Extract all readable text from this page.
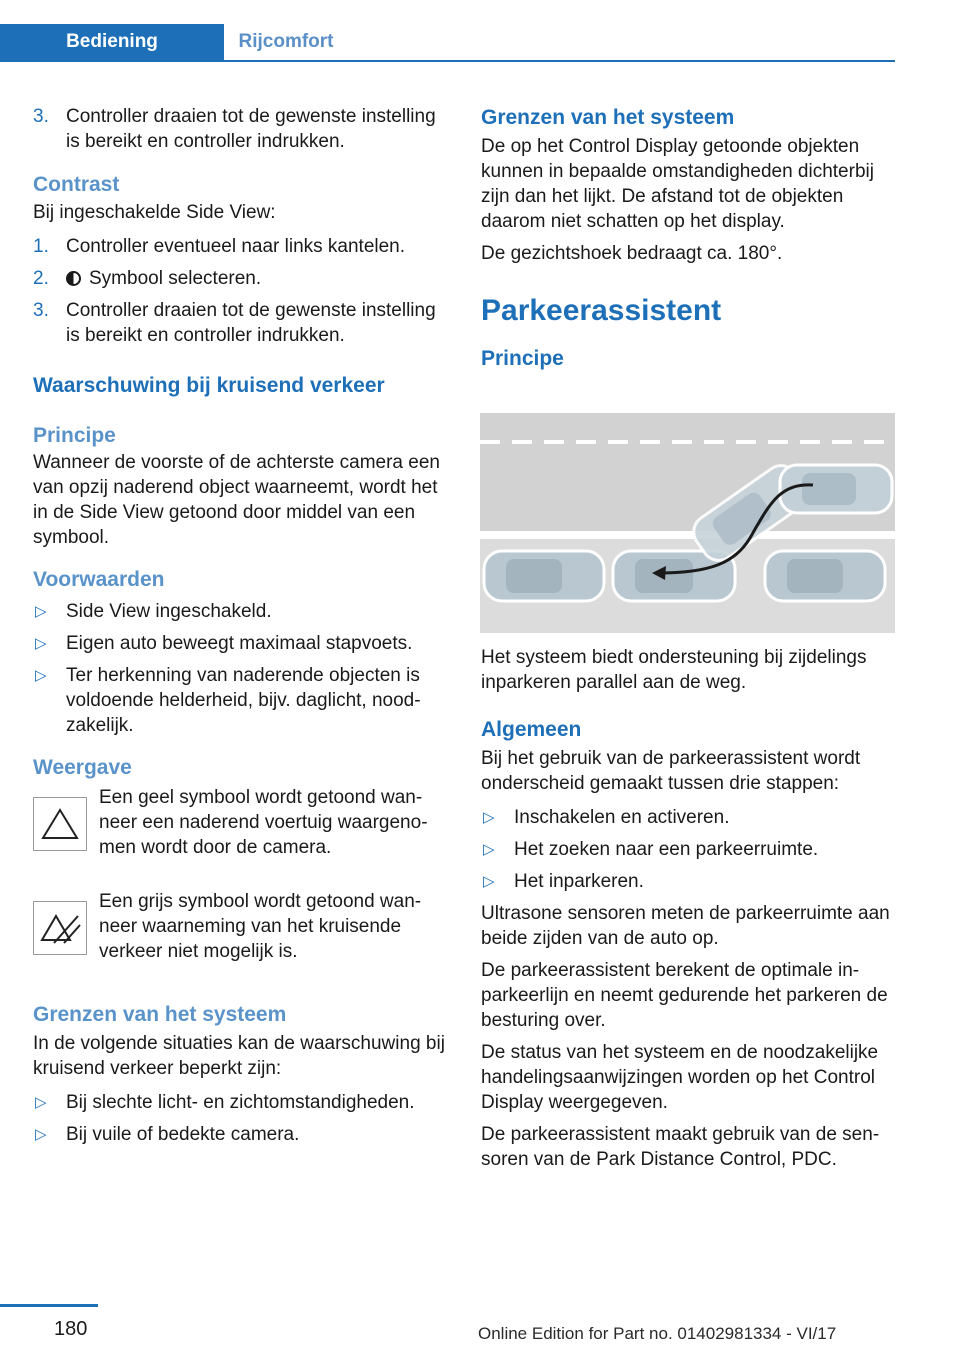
Bediening	Rijcomfort
3. Controller draaien tot de gewenste instelling is bereikt en controller indrukken.
Contrast

Bij ingeschakelde Side View:

1. Controller eventueel naar links kantelen.
2. Symbool selecteren.
3. Controller draaien tot de gewenste instelling is bereikt en controller indrukken.
Waarschuwing bij kruisend verkeer
Principe

Wanneer de voorste of de achterste camera een van opzij naderend object waarneemt, wordt het in de Side View getoond door middel van een symbool.

Voorwaarden
▷ Side View ingeschakeld.
▷ Eigen auto beweegt maximaal stapvoets.
▷ Ter herkenning van naderende objecten is voldoende helderheid, bijv. daglicht, noodzakelijk.
Weergave
Een geel symbool wordt getoond wanneer een naderend voertuig waargenomen wordt door de camera.
Een grijs symbool wordt getoond wanneer waarneming van het kruisende verkeer niet mogelijk is.
Grenzen van het systeem

In de volgende situaties kan de waarschuwing bij kruisend verkeer beperkt zijn:

▷ Bij slechte licht- en zichtomstandigheden.
▷ Bij vuile of bedekte camera.
Grenzen van het systeem

De op het Control Display getoonde objekten kunnen in bepaalde omstandigheden dichterbij zijn dan het lijkt. De afstand tot de objekten daarom niet schatten op het display.

De gezichtshoek bedraagt ca. 180°.

Parkeerassistent
Principe

Het systeem biedt ondersteuning bij zijdelings inparkeren parallel aan de weg.

Algemeen

Bij het gebruik van de parkeerassistent wordt onderscheid gemaakt tussen drie stappen:

▷ Inschakelen en activeren.
▷ Het zoeken naar een parkeerruimte.
▷ Het inparkeren.

Ultrasone sensoren meten de parkeerruimte aan beide zijden van de auto op.

De parkeerassistent berekent de optimale inparkeerlijn en neemt gedurende het parkeren de besturing over.

De status van het systeem en de noodzakelijke handelingsaanwijzingen worden op het Control Display weergegeven.

De parkeerassistent maakt gebruik van de sensoren van de Park Distance Control, PDC.

180	Online Edition for Part no. 01402981334 - VI/17
